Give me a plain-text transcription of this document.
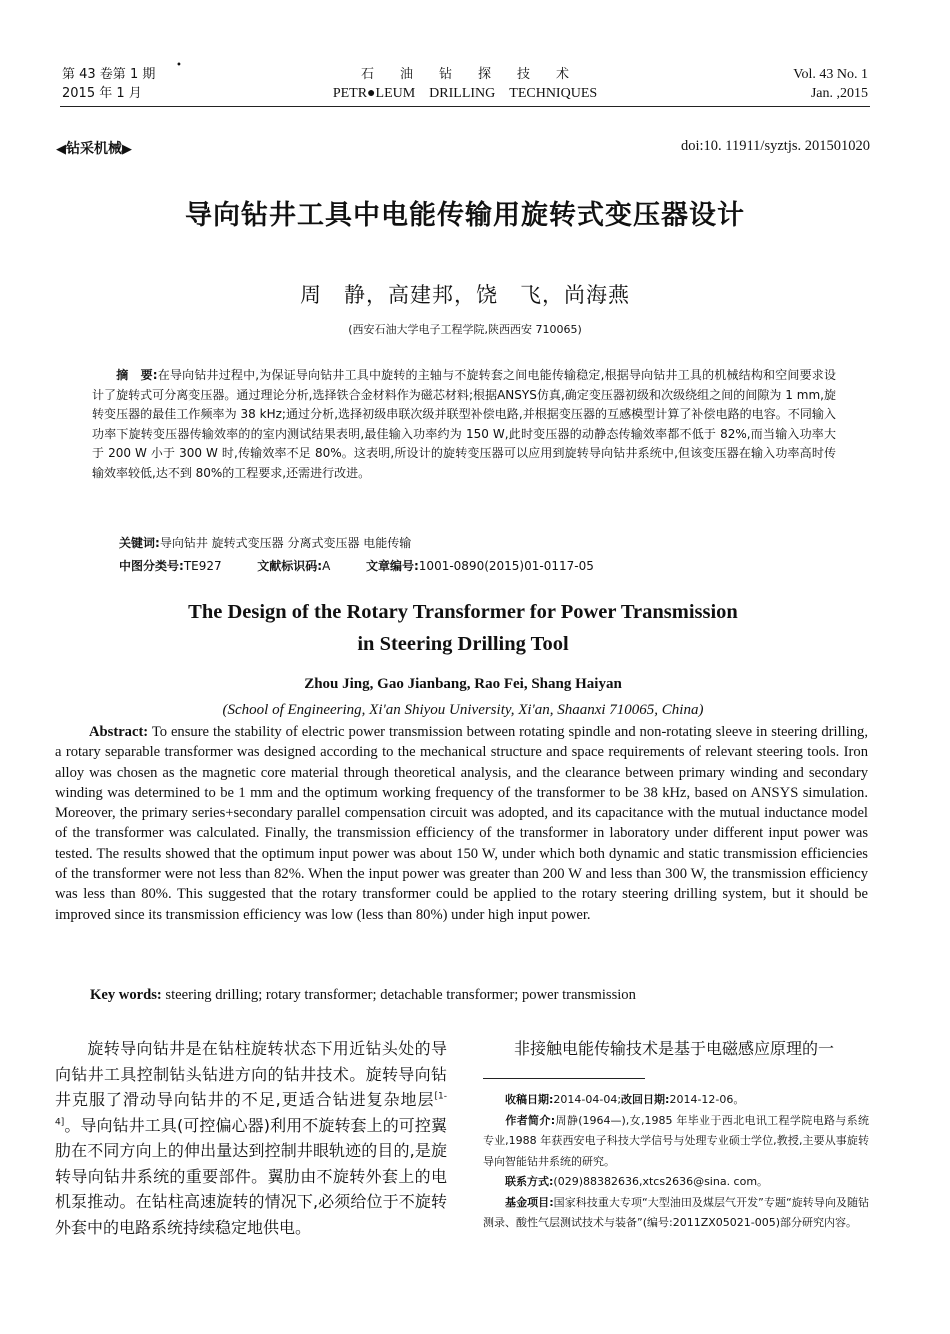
第 43 卷第 1 期
•
2015 年 1 月
石　　油　　钻　　探　　技　　术
PETR●LEUM　DRILLING　TECHNIQUES
Vol. 43 No. 1
Jan. ,2015
◀钻采机械▶	doi:10. 11911/syztjs. 201501020
导向钻井工具中电能传输用旋转式变压器设计
周　静，高建邦，饶　飞，尚海燕
(西安石油大学电子工程学院,陕西西安 710065)
摘　要:在导向钻井过程中,为保证导向钻井工具中旋转的主轴与不旋转套之间电能传输稳定,根据导向钻井工具的机械结构和空间要求设计了旋转式可分离变压器。通过理论分析,选择铁合金材料作为磁芯材料;根据ANSYS仿真,确定变压器初级和次级绕组之间的间隙为 1 mm,旋转变压器的最佳工作频率为 38 kHz;通过分析,选择初级串联次级并联型补偿电路,并根据变压器的互感模型计算了补偿电路的电容。不同输入功率下旋转变压器传输效率的的室内测试结果表明,最佳输入功率约为 150 W,此时变压器的动静态传输效率都不低于 82%,而当输入功率大于 200 W 小于 300 W 时,传输效率不足 80%。这表明,所设计的旋转变压器可以应用到旋转导向钻井系统中,但该变压器在输入功率高时传输效率较低,达不到 80%的工程要求,还需进行改进。
关键词:导向钻井 旋转式变压器 分离式变压器 电能传输
中图分类号:TE927	文献标识码:A	文章编号:1001-0890(2015)01-0117-05
The Design of the Rotary Transformer for Power Transmission
in Steering Drilling Tool
Zhou Jing, Gao Jianbang, Rao Fei, Shang Haiyan
(School of Engineering, Xi'an Shiyou University, Xi'an, Shaanxi 710065, China)
Abstract: To ensure the stability of electric power transmission between rotating spindle and non-rotating sleeve in steering drilling, a rotary separable transformer was designed according to the mechanical structure and space requirements of relevant steering tools. Iron alloy was chosen as the magnetic core material through theoretical analysis, and the clearance between primary winding and secondary winding was determined to be 1 mm and the optimum working frequency of the transformer to be 38 kHz, based on ANSYS simulation. Moreover, the primary series+secondary parallel compensation circuit was adopted, and its capacitance with the mutual inductance model of the transformer was calculated. Finally, the transmission efficiency of the transformer in laboratory under different input power was tested. The results showed that the optimum input power was about 150 W, under which both dynamic and static transmission efficiencies of the transformer were not less than 82%. When the input power was greater than 200 W and less than 300 W, the transmission efficiency was less than 80%. This suggested that the rotary transformer could be applied to the rotary steering drilling system, but it should be improved since its transmission efficiency was low (less than 80%) under high input power.
Key words: steering drilling; rotary transformer; detachable transformer; power transmission
旋转导向钻井是在钻柱旋转状态下用近钻头处的导向钻井工具控制钻头钻进方向的钻井技术。旋转导向钻井克服了滑动导向钻井的不足,更适合钻进复杂地层[1-4]。导向钻井工具(可控偏心器)利用不旋转套上的可控翼肋在不同方向上的伸出量达到控制井眼轨迹的目的,是旋转导向钻井系统的重要部件。翼肋由不旋转外套上的电机泵推动。在钻柱高速旋转的情况下,必须给位于不旋转外套中的电路系统持续稳定地供电。
非接触电能传输技术是基于电磁感应原理的一
收稿日期:2014-04-04;改回日期:2014-12-06。
作者简介:周静(1964—),女,1985 年毕业于西北电讯工程学院电路与系统专业,1988 年获西安电子科技大学信号与处理专业硕士学位,教授,主要从事旋转导向智能钻井系统的研究。
联系方式:(029)88382636,xtcs2636@sina. com。
基金项目:国家科技重大专项“大型油田及煤层气开发”专题“旋转导向及随钻测录、酸性气层测试技术与装备”(编号:2011ZX05021-005)部分研究内容。
